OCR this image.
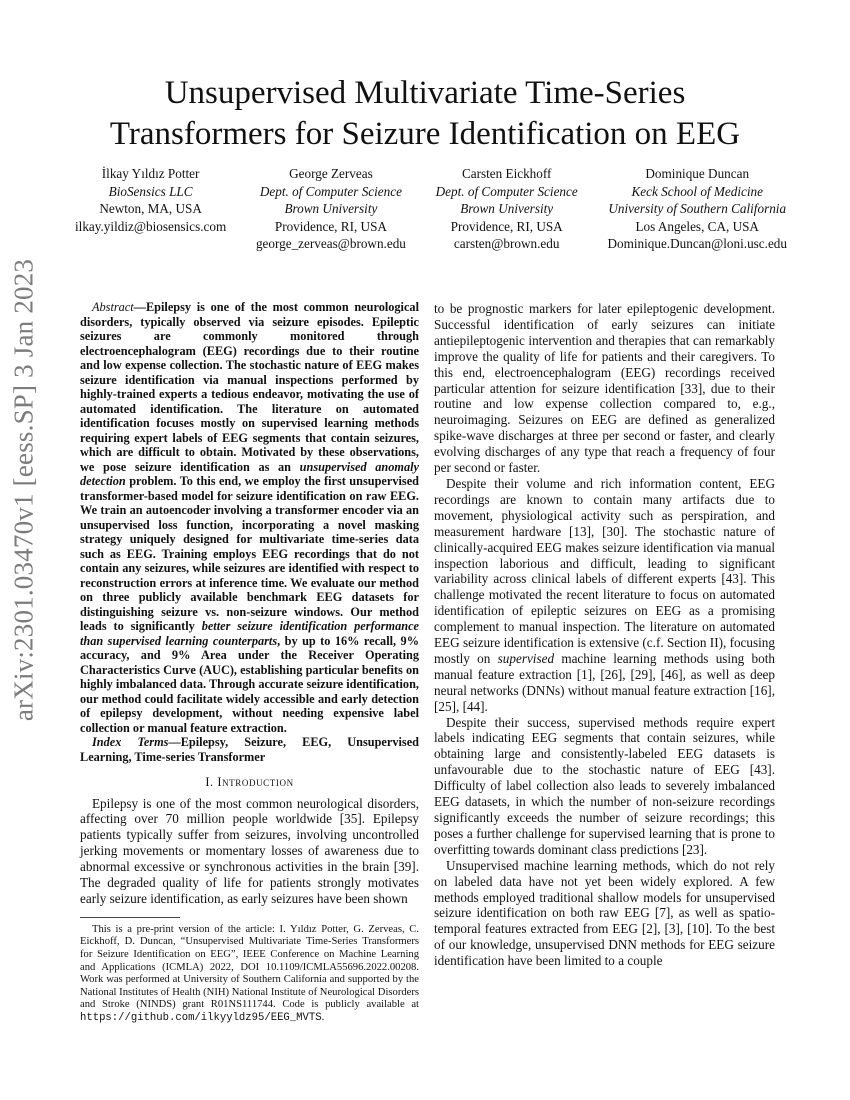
arXiv:2301.03470v1 [eess.SP] 3 Jan 2023
Unsupervised Multivariate Time-Series
Transformers for Seizure Identification on EEG
İlkay Yıldız Potter
BioSensics LLC
Newton, MA, USA
ilkay.yildiz@biosensics.com
George Zerveas
Dept. of Computer Science
Brown University
Providence, RI, USA
george_zerveas@brown.edu
Carsten Eickhoff
Dept. of Computer Science
Brown University
Providence, RI, USA
carsten@brown.edu
Dominique Duncan
Keck School of Medicine
University of Southern California
Los Angeles, CA, USA
Dominique.Duncan@loni.usc.edu

Abstract—Epilepsy is one of the most common neurological disorders, typically observed via seizure episodes. Epileptic seizures are commonly monitored through electroencephalogram (EEG) recordings due to their routine and low expense collection. The stochastic nature of EEG makes seizure identification via manual inspections performed by highly-trained experts a tedious endeavor, motivating the use of automated identification. The literature on automated identification focuses mostly on supervised learning methods requiring expert labels of EEG segments that contain seizures, which are difficult to obtain. Motivated by these observations, we pose seizure identification as an unsupervised anomaly detection problem. To this end, we employ the first unsupervised transformer-based model for seizure identification on raw EEG. We train an autoencoder involving a transformer encoder via an unsupervised loss function, incorporating a novel masking strategy uniquely designed for multivariate time-series data such as EEG. Training employs EEG recordings that do not contain any seizures, while seizures are identified with respect to reconstruction errors at inference time. We evaluate our method on three publicly available benchmark EEG datasets for distinguishing seizure vs. non-seizure windows. Our method leads to significantly better seizure identification performance than supervised learning counterparts, by up to 16% recall, 9% accuracy, and 9% Area under the Receiver Operating Characteristics Curve (AUC), establishing particular benefits on highly imbalanced data. Through accurate seizure identification, our method could facilitate widely accessible and early detection of epilepsy development, without needing expensive label collection or manual feature extraction.

Index Terms—Epilepsy, Seizure, EEG, Unsupervised Learning, Time-series Transformer

I. Introduction

Epilepsy is one of the most common neurological disorders, affecting over 70 million people worldwide [35]. Epilepsy patients typically suffer from seizures, involving uncontrolled jerking movements or momentary losses of awareness due to abnormal excessive or synchronous activities in the brain [39]. The degraded quality of life for patients strongly motivates early seizure identification, as early seizures have been shown

This is a pre-print version of the article: I. Yıldız Potter, G. Zerveas, C. Eickhoff, D. Duncan, “Unsupervised Multivariate Time-Series Transformers for Seizure Identification on EEG”, IEEE Conference on Machine Learning and Applications (ICMLA) 2022, DOI 10.1109/ICMLA55696.2022.00208. Work was performed at University of Southern California and supported by the National Institutes of Health (NIH) National Institute of Neurological Disorders and Stroke (NINDS) grant R01NS111744. Code is publicly available at https://github.com/ilkyyldz95/EEG_MVTS.

to be prognostic markers for later epileptogenic development. Successful identification of early seizures can initiate antiepileptogenic intervention and therapies that can remarkably improve the quality of life for patients and their caregivers. To this end, electroencephalogram (EEG) recordings received particular attention for seizure identification [33], due to their routine and low expense collection compared to, e.g., neuroimaging. Seizures on EEG are defined as generalized spike-wave discharges at three per second or faster, and clearly evolving discharges of any type that reach a frequency of four per second or faster.

Despite their volume and rich information content, EEG recordings are known to contain many artifacts due to movement, physiological activity such as perspiration, and measurement hardware [13], [30]. The stochastic nature of clinically-acquired EEG makes seizure identification via manual inspection laborious and difficult, leading to significant variability across clinical labels of different experts [43]. This challenge motivated the recent literature to focus on automated identification of epileptic seizures on EEG as a promising complement to manual inspection. The literature on automated EEG seizure identification is extensive (c.f. Section II), focusing mostly on supervised machine learning methods using both manual feature extraction [1], [26], [29], [46], as well as deep neural networks (DNNs) without manual feature extraction [16], [25], [44].

Despite their success, supervised methods require expert labels indicating EEG segments that contain seizures, while obtaining large and consistently-labeled EEG datasets is unfavourable due to the stochastic nature of EEG [43]. Difficulty of label collection also leads to severely imbalanced EEG datasets, in which the number of non-seizure recordings significantly exceeds the number of seizure recordings; this poses a further challenge for supervised learning that is prone to overfitting towards dominant class predictions [23].

Unsupervised machine learning methods, which do not rely on labeled data have not yet been widely explored. A few methods employed traditional shallow models for unsupervised seizure identification on both raw EEG [7], as well as spatio-temporal features extracted from EEG [2], [3], [10]. To the best of our knowledge, unsupervised DNN methods for EEG seizure identification have been limited to a couple
